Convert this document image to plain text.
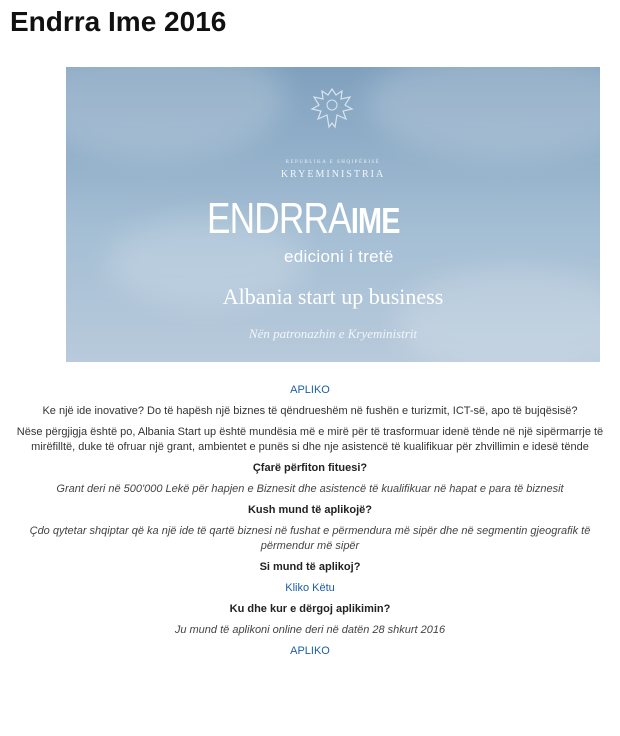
Endrra Ime 2016
REPUBLIKA E SHQIPËRISË
KRYEMINISTRIA
ENDRRAIME
edicioni i tretë
Albania start up business
Nën patronazhin e Kryeministrit

APLIKO

Ke një ide inovative? Do të hapësh një biznes të qëndrueshëm në fushën e turizmit, ICT-së, apo të bujqësisë?

Nëse përgjigja është po, Albania Start up është mundësia më e mirë për të trasformuar idenë tënde në një sipërmarrje të mirëfilltë, duke të ofruar një grant, ambientet e punës si dhe nje asistencë të kualifikuar për zhvillimin e idesë tënde

Çfarë përfiton fituesi?

Grant deri në 500'000 Lekë për hapjen e Biznesit dhe asistencë të kualifikuar në hapat e para të biznesit

Kush mund të aplikojë?

Çdo qytetar shqiptar që ka një ide të qartë biznesi në fushat e përmendura më sipër dhe në segmentin gjeografik të përmendur më sipër

Si mund të aplikoj?

Kliko Këtu

Ku dhe kur e dërgoj aplikimin?

Ju mund të aplikoni online deri në datën 28 shkurt 2016

APLIKO
